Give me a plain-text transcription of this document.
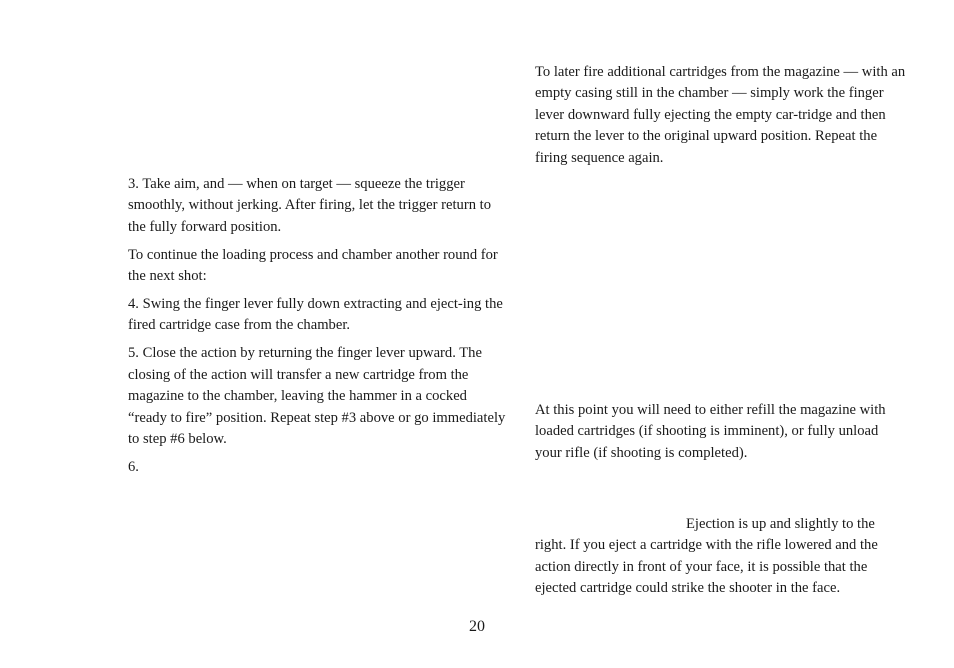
3. Take aim, and — when on target — squeeze the trigger smoothly, without jerking. After firing, let the trigger return to the fully forward position.

To continue the loading process and chamber another round for the next shot:

4. Swing the finger lever fully down extracting and eject-ing the fired cartridge case from the chamber.

5. Close the action by returning the finger lever upward. The closing of the action will transfer a new cartridge from the magazine to the chamber, leaving the hammer in a cocked “ready to fire” position. Repeat step #3 above or go immediately to step #6 below.

6.

To later fire additional cartridges from the magazine — with an empty casing still in the chamber — simply work the finger lever downward fully ejecting the empty car-tridge and then return the lever to the original upward position. Repeat the firing sequence again.

At this point you will need to either refill the magazine with loaded cartridges (if shooting is imminent), or fully unload your rifle (if shooting is completed).

Ejection is up and slightly to the right. If you eject a cartridge with the rifle lowered and the action directly in front of your face, it is possible that the ejected cartridge could strike the shooter in the face.

20
